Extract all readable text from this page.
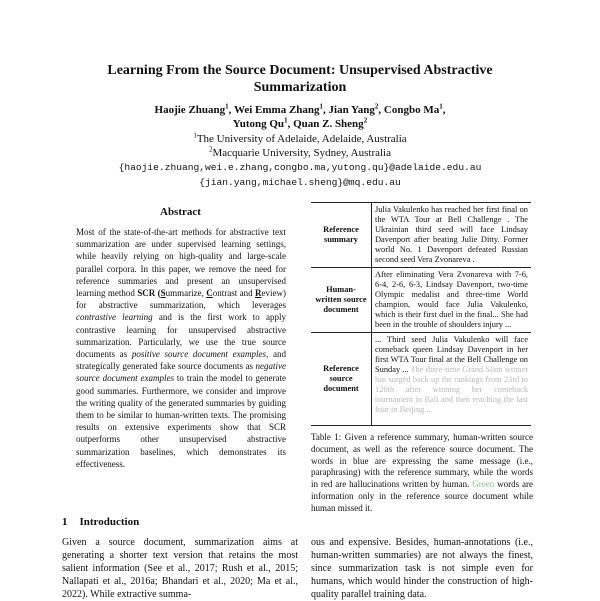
Learning From the Source Document: Unsupervised Abstractive
Summarization
Haojie Zhuang$^1$, Wei Emma Zhang$^1$, Jian Yang$^2$, Congbo Ma$^1$,
Yutong Qu$^1$, Quan Z. Sheng$^2$
$^1$The University of Adelaide, Adelaide, Australia
$^2$Macquarie University, Sydney, Australia
{haojie.zhuang,wei.e.zhang,congbo.ma,yutong.qu}@adelaide.edu.au
{jian.yang,michael.sheng}@mq.edu.au
Abstract
Most of the state-of-the-art methods for abstractive text summarization are under supervised learning settings, while heavily relying on high-quality and large-scale parallel corpora. In this paper, we remove the need for reference summaries and present an unsupervised learning method SCR (Summarize, Contrast and Review) for abstractive summarization, which leverages contrastive learning and is the first work to apply contrastive learning for unsupervised abstractive summarization. Particularly, we use the true source documents as positive source document examples, and strategically generated fake source documents as negative source document examples to train the model to generate good summaries. Furthermore, we consider and improve the writing quality of the generated summaries by guiding them to be similar to human-written texts. The promising results on extensive experiments show that SCR outperforms other unsupervised abstractive summarization baselines, which demonstrates its effectiveness.
Reference summary	Julia Vakulenko has reached her first final on the WTA Tour at Bell Challenge . The Ukrainian third seed will face Lindsay Davenport after beating Julie Ditty. Former world No. 1 Davenport defeated Russian second seed Vera Zvonareva .
Human-written source document	After eliminating Vera Zvonareva with 7-6, 6-4, 2-6, 6-3, Lindsay Davenport, two-time Olympic medalist and three-time World champion, would face Julia Vakulenko, which is their first duel in the final... She had been in the trouble of shoulders injury ...
Reference source document	... Third seed Julia Vakulenko will face comeback queen Lindsay Davenport in her first WTA Tour final at the Bell Challenge on Sunday ... The three-time Grand Slam winner has surged back up the rankings from 23rd to 126th after winning her comeback tournament in Bali and then reaching the last four in Beijing ...
Table 1: Given a reference summary, human-written source document, as well as the reference source document. The words in blue are expressing the same message (i.e., paraphrasing) with the reference summary, while the words in red are hallucinations written by human. Green words are information only in the reference source document while human missed it.
1 Introduction
Given a source document, summarization aims at generating a shorter text version that retains the most salient information (See et al., 2017; Rush et al., 2015; Nallapati et al., 2016a; Bhandari et al., 2020; Ma et al., 2022). While extractive summa-
ous and expensive. Besides, human-annotations (i.e., human-written summaries) are not always the finest, since summarization task is not simple even for humans, which would hinder the construction of high-quality parallel training data.
